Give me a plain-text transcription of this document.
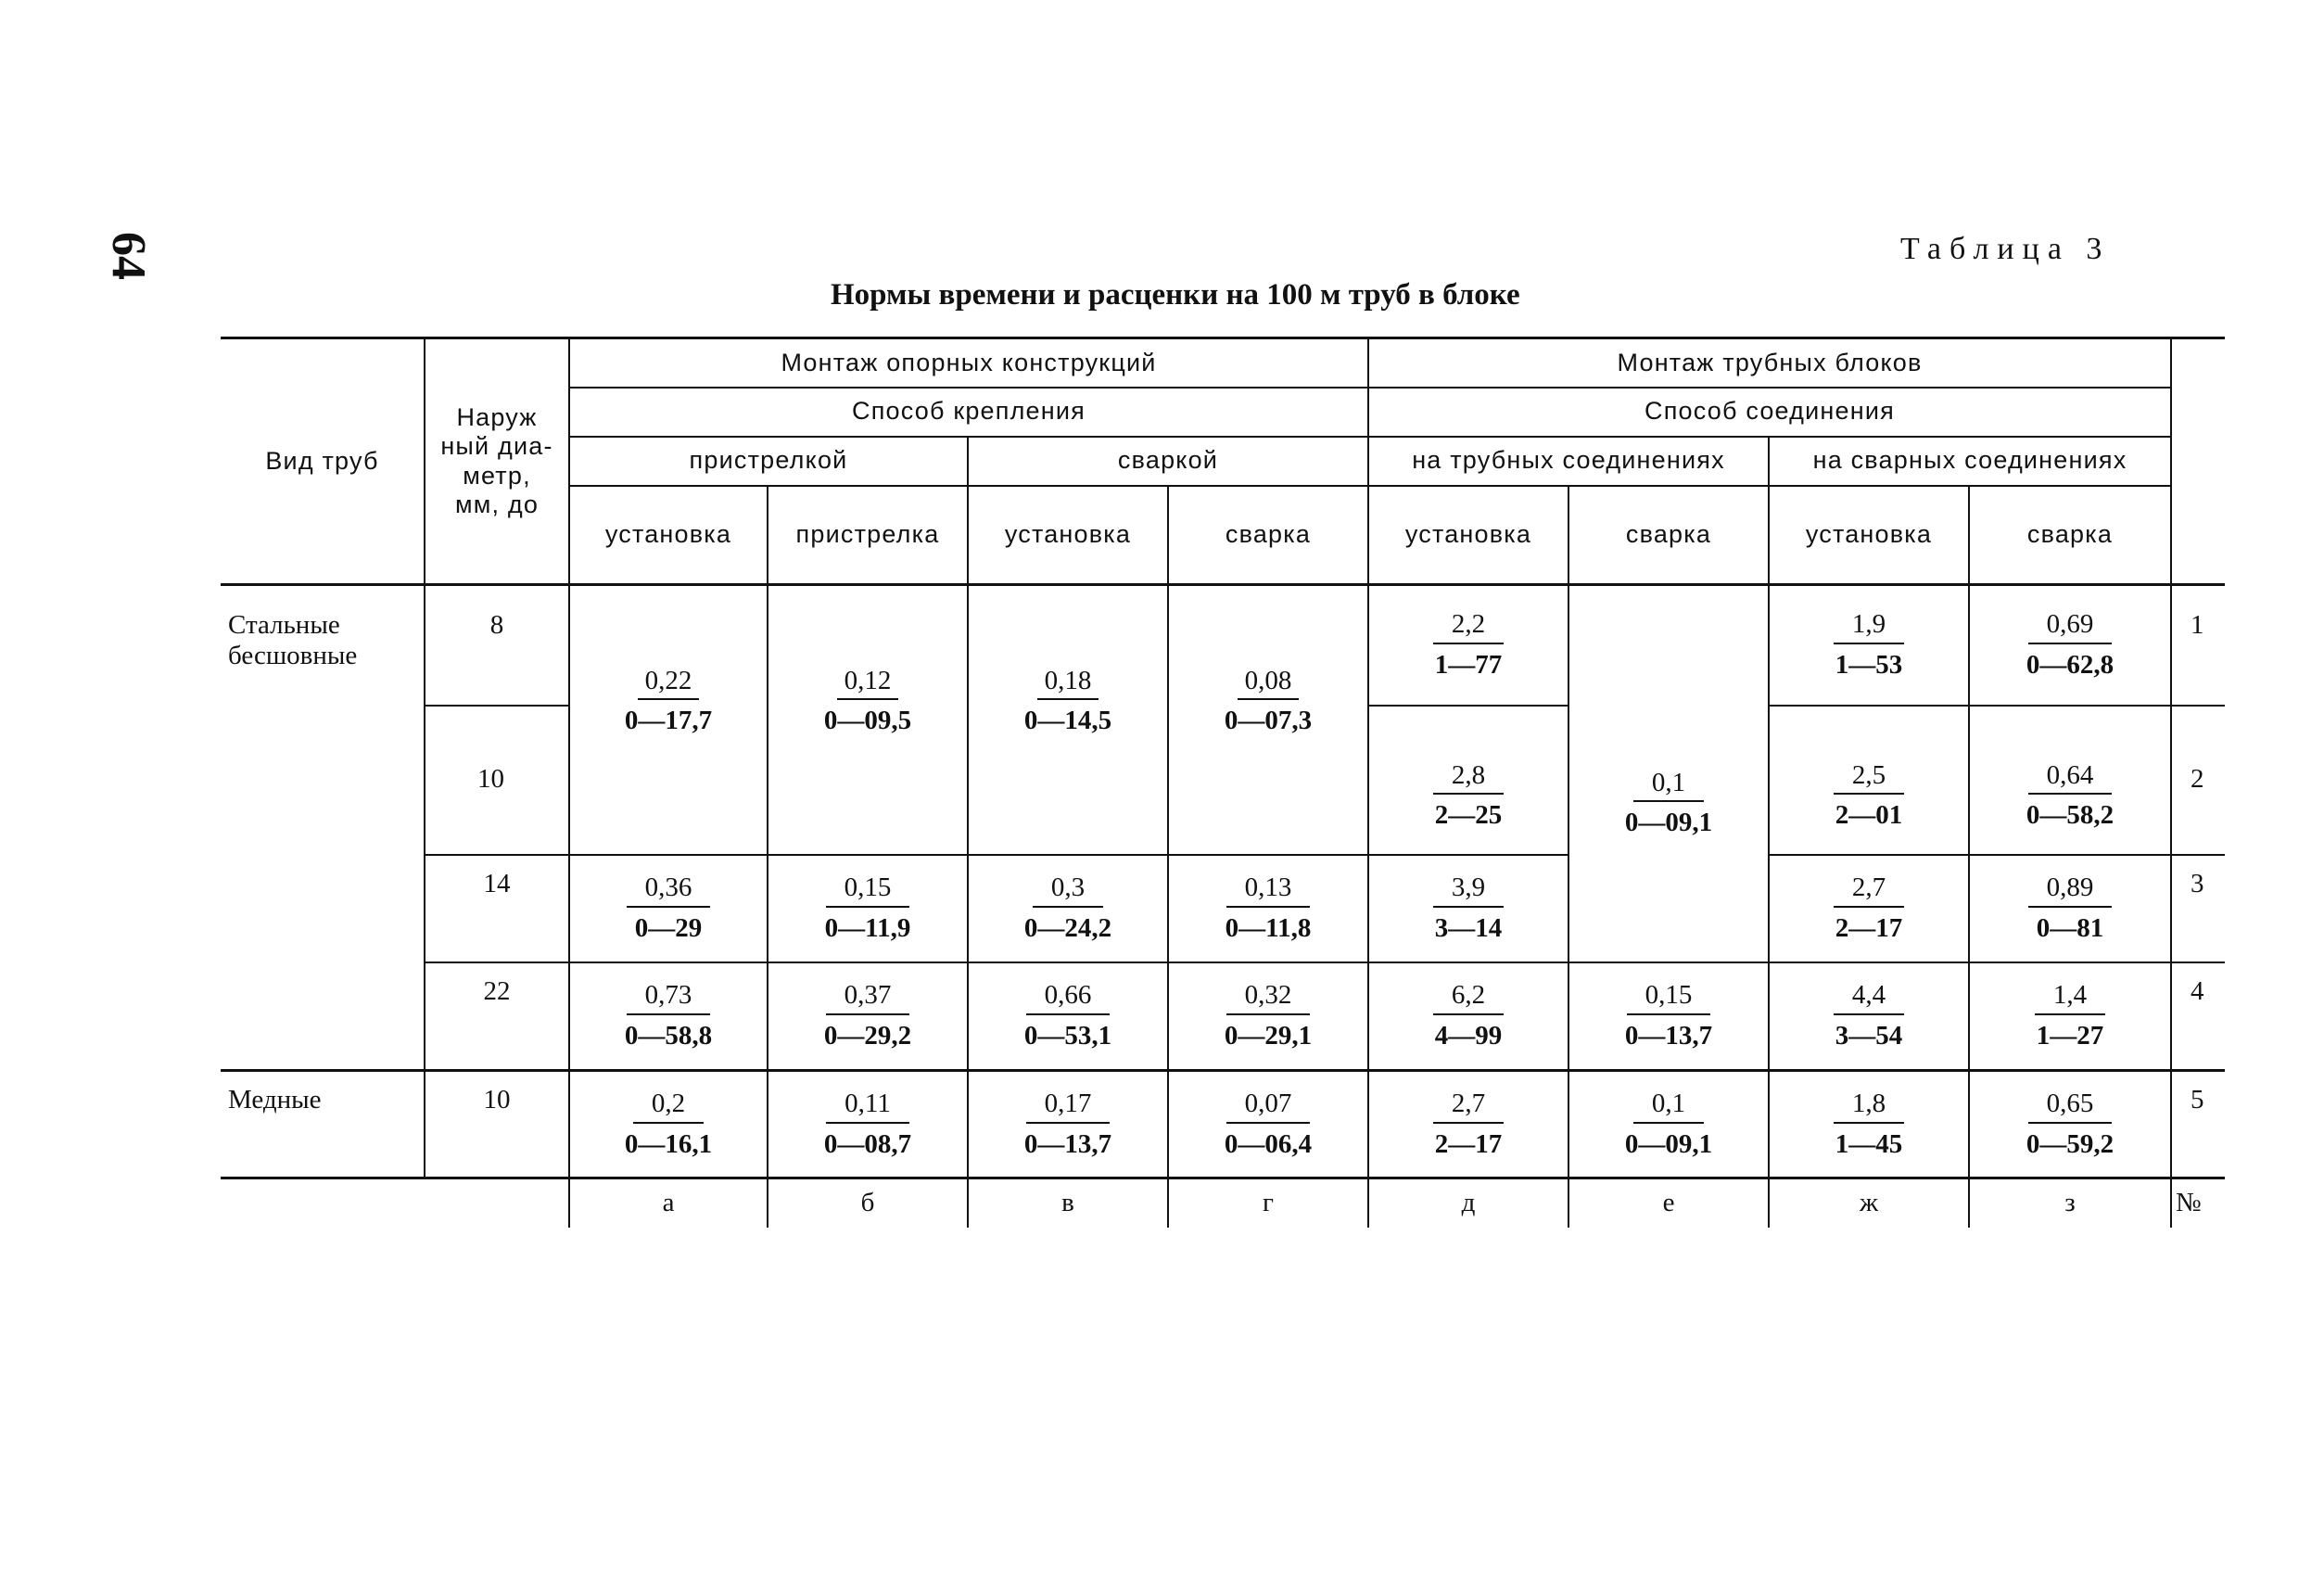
64	Таблица 3
Нормы времени и расценки на 100 м труб в блоке
Вид труб	Наруж
ный диа-
метр,
мм, до	Монтаж опорных конструкций				Монтаж трубных блоков				
		Способ крепления				Способ соединения				
		пристрелкой		сваркой		на трубных соединениях		на сварных соединениях		
		установка	пристрелка	установка	сварка	установка	сварка	установка	сварка	
Стальные
бесшовные	8	$\frac{0,22}{0—17,7}$	$\frac{0,12}{0—09,5}$	$\frac{0,18}{0—14,5}$	$\frac{0,08}{0—07,3}$	$\frac{2,2}{1—77}$	$\frac{0,1}{0—09,1}$	$\frac{1,9}{1—53}$	$\frac{0,69}{0—62,8}$	1
	10					$\frac{2,8}{2—25}$		$\frac{2,5}{2—01}$	$\frac{0,64}{0—58,2}$	2
	14	$\frac{0,36}{0—29}$	$\frac{0,15}{0—11,9}$	$\frac{0,3}{0—24,2}$	$\frac{0,13}{0—11,8}$	$\frac{3,9}{3—14}$		$\frac{2,7}{2—17}$	$\frac{0,89}{0—81}$	3
	22	$\frac{0,73}{0—58,8}$	$\frac{0,37}{0—29,2}$	$\frac{0,66}{0—53,1}$	$\frac{0,32}{0—29,1}$	$\frac{6,2}{4—99}$	$\frac{0,15}{0—13,7}$	$\frac{4,4}{3—54}$	$\frac{1,4}{1—27}$	4
Медные	10	$\frac{0,2}{0—16,1}$	$\frac{0,11}{0—08,7}$	$\frac{0,17}{0—13,7}$	$\frac{0,07}{0—06,4}$	$\frac{2,7}{2—17}$	$\frac{0,1}{0—09,1}$	$\frac{1,8}{1—45}$	$\frac{0,65}{0—59,2}$	5
		а	б	в	г	д	е	ж	з	№
